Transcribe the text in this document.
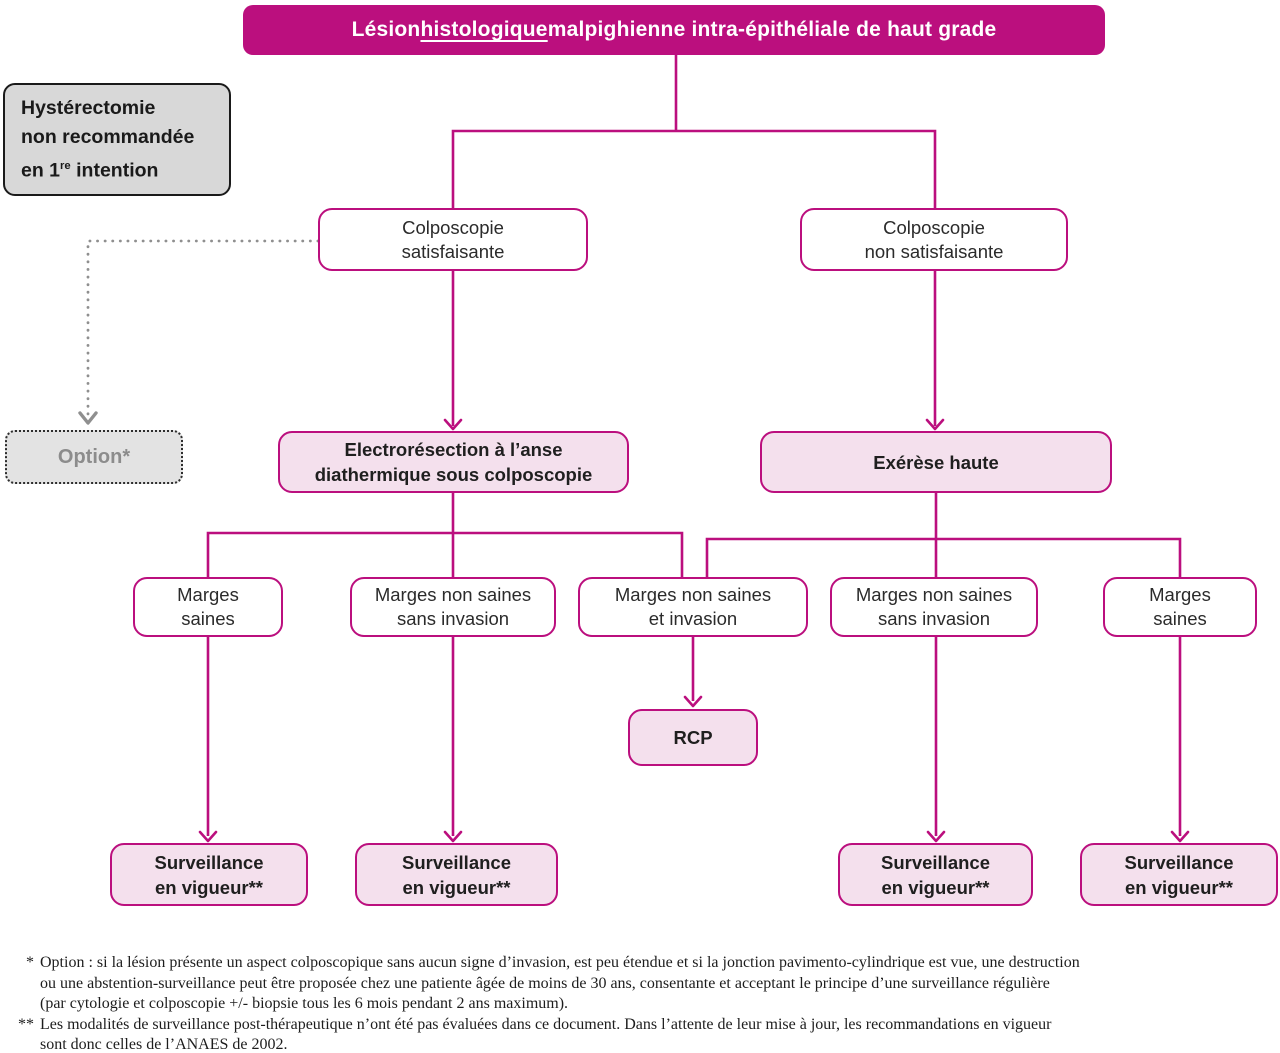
Lésion histologique malpighienne intra-épithéliale de haut grade
Hystérectomie
non recommandée
en 1re intention
Colposcopie
satisfaisante
Colposcopie
non satisfaisante
Option*	Electrorésection à l’anse
diathermique sous colposcopie
Exérèse haute
Marges
saines
Marges non saines
sans invasion
Marges non saines
et invasion
Marges non saines
sans invasion
Marges
saines
RCP
Surveillance
en vigueur**
Surveillance
en vigueur**
Surveillance
en vigueur**
Surveillance
en vigueur**
* Option : si la lésion présente un aspect colposcopique sans aucun signe d’invasion, est peu étendue et si la jonction pavimento-cylindrique est vue, une destruction
ou une abstention-surveillance peut être proposée chez une patiente âgée de moins de 30 ans, consentante et acceptant le principe d’une surveillance régulière
(par cytologie et colposcopie +/- biopsie tous les 6 mois pendant 2 ans maximum).
** Les modalités de surveillance post-thérapeutique n’ont été pas évaluées dans ce document. Dans l’attente de leur mise à jour, les recommandations en vigueur
sont donc celles de l’ANAES de 2002.
